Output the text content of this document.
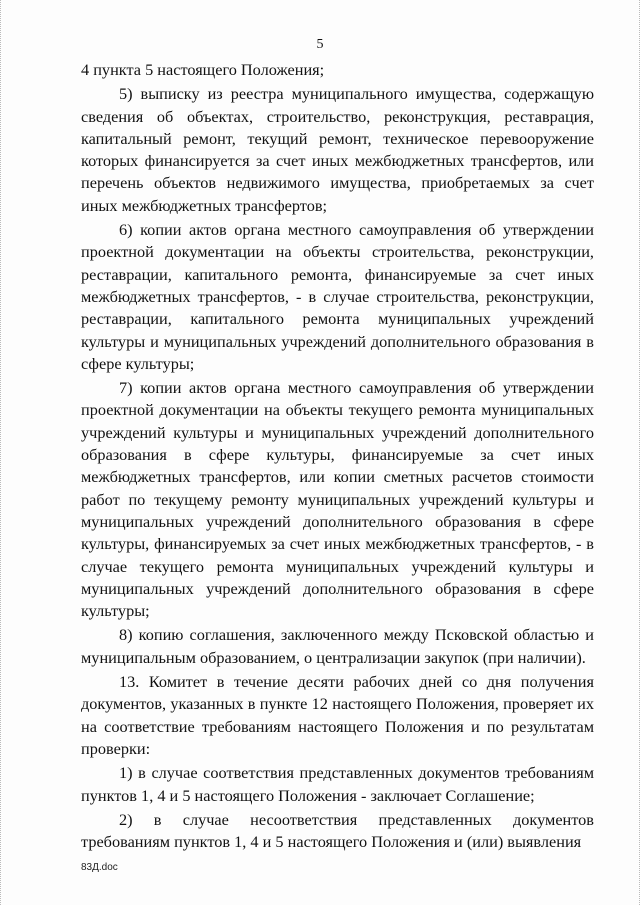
5

4 пункта 5 настоящего Положения;

5) выписку из реестра муниципального имущества, содержащую сведения об объектах, строительство, реконструкция, реставрация, капитальный ремонт, текущий ремонт, техническое перевооружение которых финансируется за счет иных межбюджетных трансфертов, или перечень объектов недвижимого имущества, приобретаемых за счет иных межбюджетных трансфертов;

6) копии актов органа местного самоуправления об утверждении проектной документации на объекты строительства, реконструкции, реставрации, капитального ремонта, финансируемые за счет иных межбюджетных трансфертов, - в случае строительства, реконструкции, реставрации, капитального ремонта муниципальных учреждений культуры и муниципальных учреждений дополнительного образования в сфере культуры;

7) копии актов органа местного самоуправления об утверждении проектной документации на объекты текущего ремонта муниципальных учреждений культуры и муниципальных учреждений дополнительного образования в сфере культуры, финансируемые за счет иных межбюджетных трансфертов, или копии сметных расчетов стоимости работ по текущему ремонту муниципальных учреждений культуры и муниципальных учреждений дополнительного образования в сфере культуры, финансируемых за счет иных межбюджетных трансфертов, - в случае текущего ремонта муниципальных учреждений культуры и муниципальных учреждений дополнительного образования в сфере культуры;

8) копию соглашения, заключенного между Псковской областью и муниципальным образованием, о централизации закупок (при наличии).

13. Комитет в течение десяти рабочих дней со дня получения документов, указанных в пункте 12 настоящего Положения, проверяет их на соответствие требованиям настоящего Положения и по результатам проверки:

1) в случае соответствия представленных документов требованиям пунктов 1, 4 и 5 настоящего Положения - заключает Соглашение;

2) в случае несоответствия представленных документов требованиям пунктов 1, 4 и 5 настоящего Положения и (или) выявления

83Д.doc
